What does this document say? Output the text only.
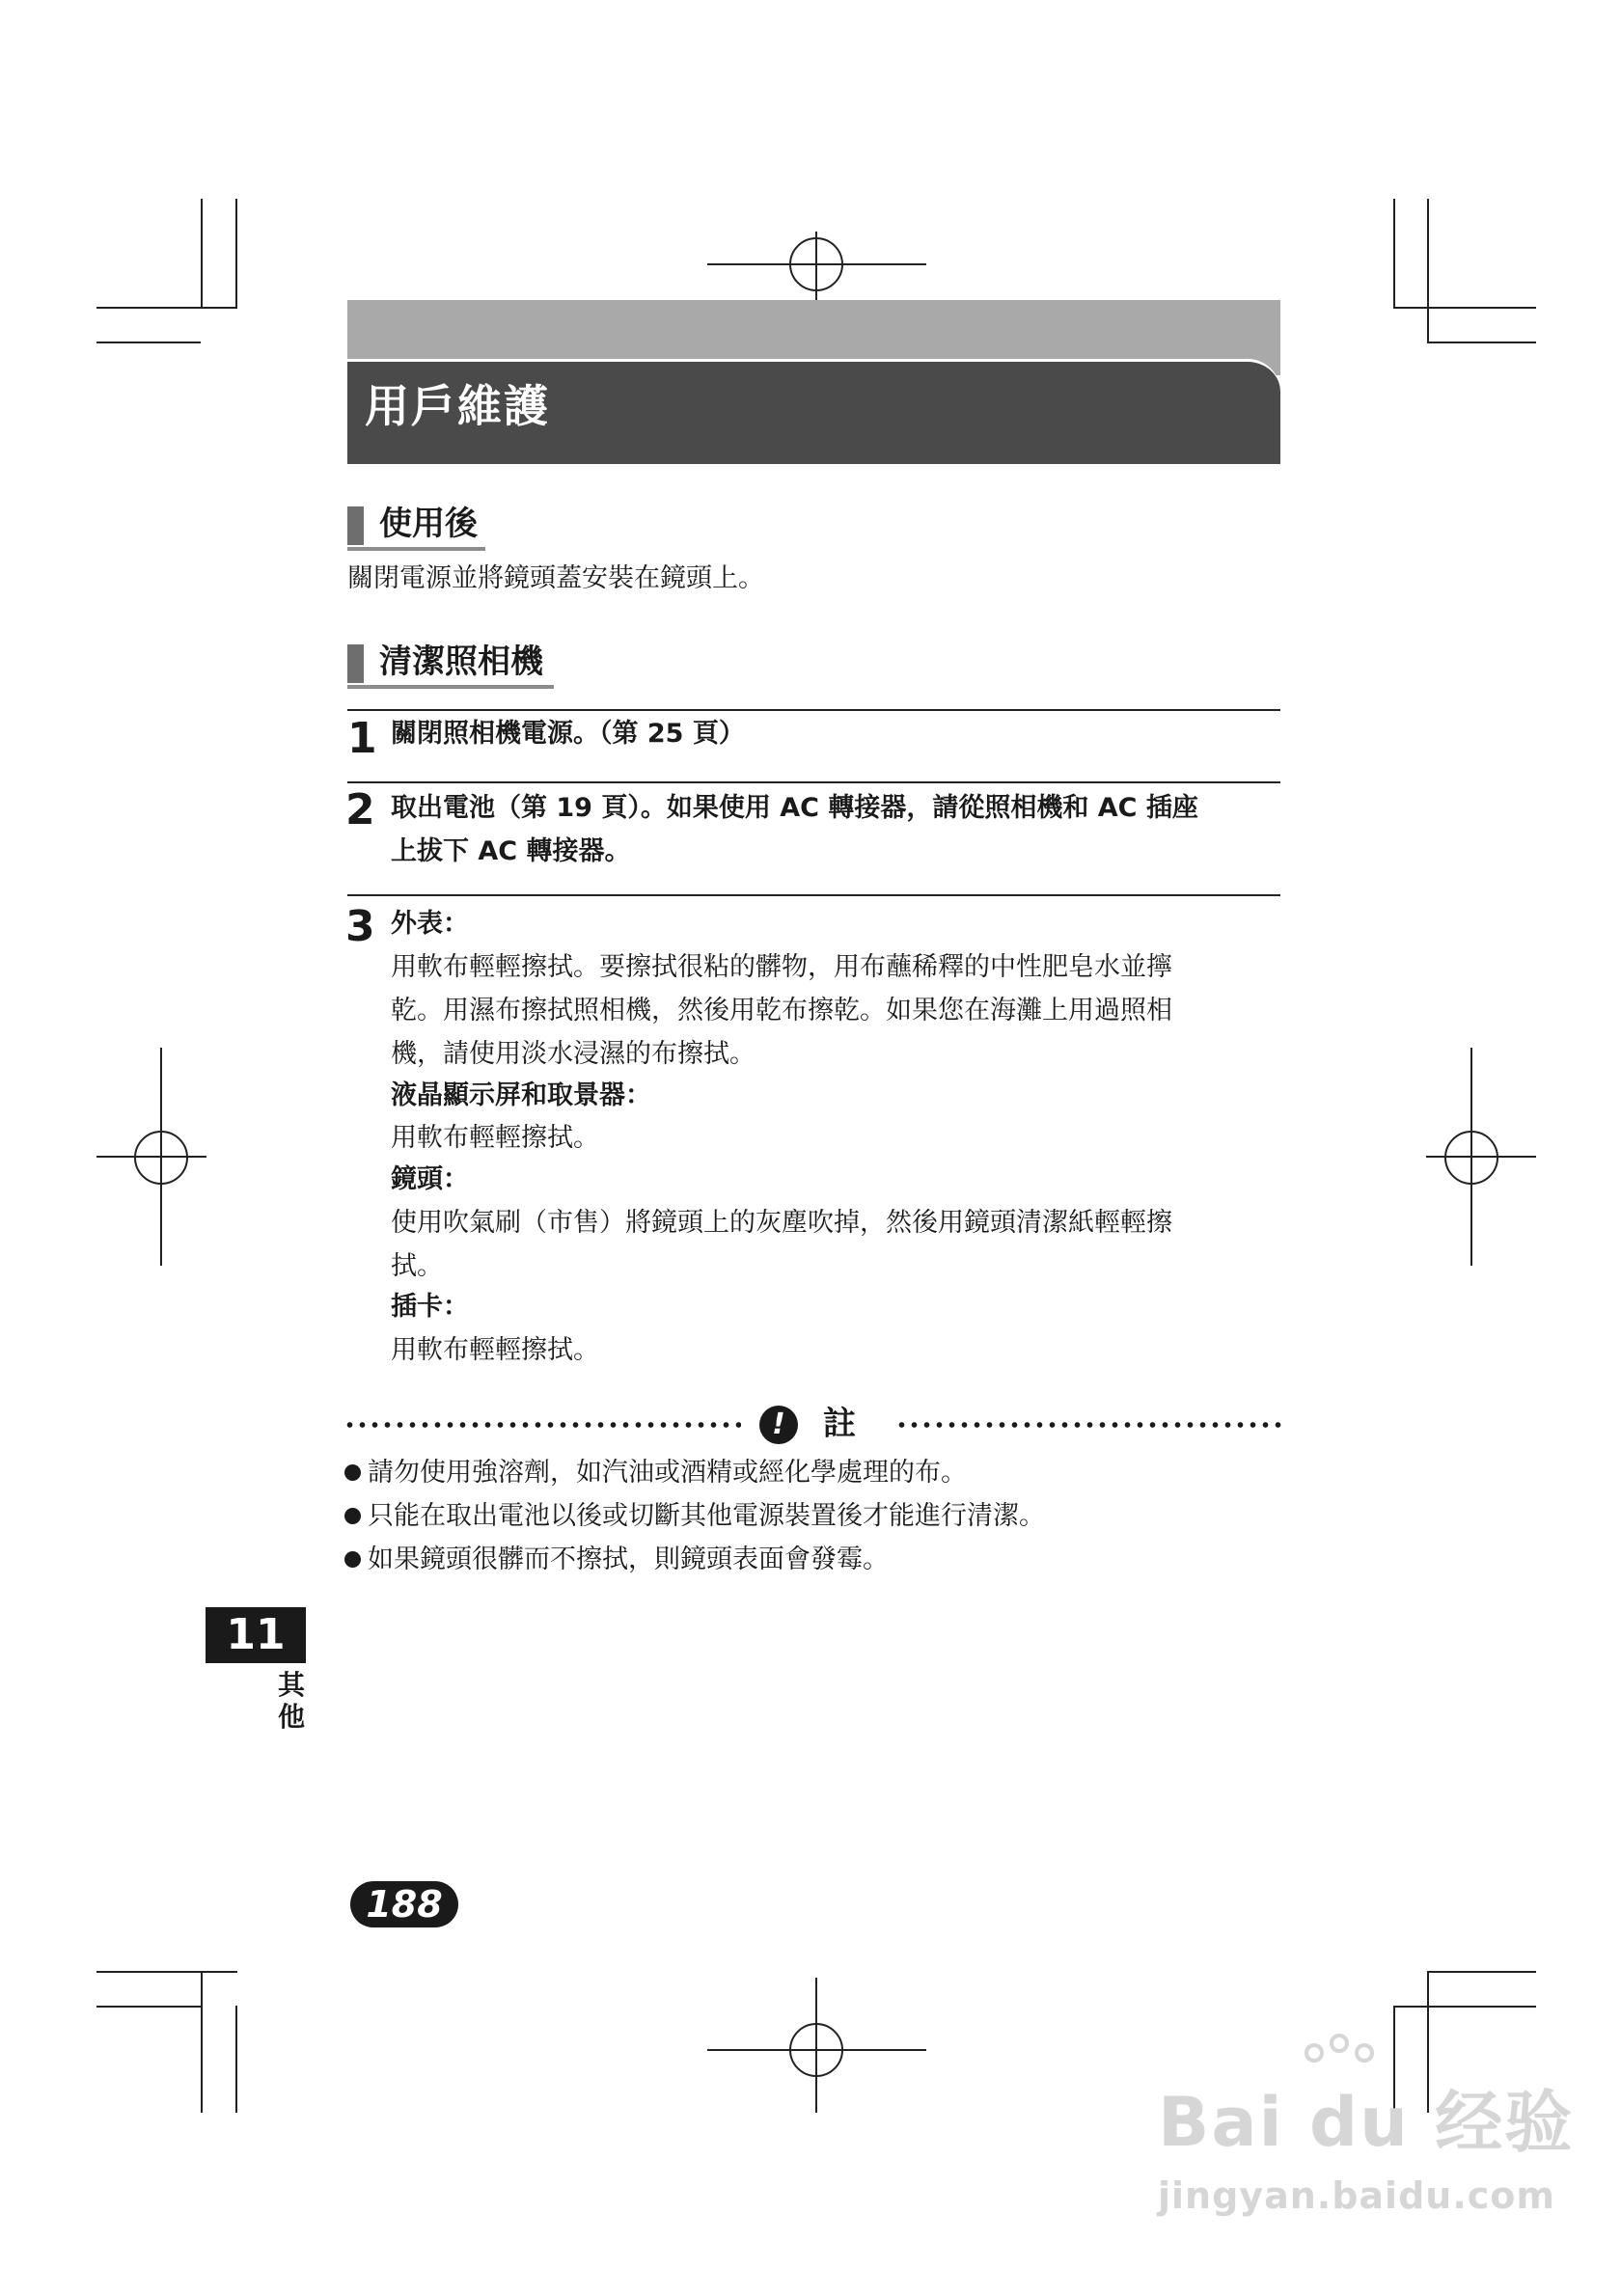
用戶維護
使用後
關閉電源並將鏡頭蓋安裝在鏡頭上。
清潔照相機
1 關閉照相機電源。（第 25 頁）
2 取出電池（第 19 頁）。如果使用 AC 轉接器，請從照相機和 AC 插座
上拔下 AC 轉接器。
3 外表：
用軟布輕輕擦拭。要擦拭很粘的髒物，用布蘸稀釋的中性肥皂水並擰
乾。用濕布擦拭照相機，然後用乾布擦乾。如果您在海灘上用過照相
機，請使用淡水浸濕的布擦拭。
液晶顯示屏和取景器：
用軟布輕輕擦拭。
鏡頭：
使用吹氣刷（市售）將鏡頭上的灰塵吹掉，然後用鏡頭清潔紙輕輕擦
拭。
插卡：
用軟布輕輕擦拭。
!	註
請勿使用強溶劑，如汽油或酒精或經化學處理的布。
只能在取出電池以後或切斷其他電源裝置後才能進行清潔。
如果鏡頭很髒而不擦拭，則鏡頭表面會發霉。
11
其
他
188
Bai du 经验
jingyan.baidu.com
